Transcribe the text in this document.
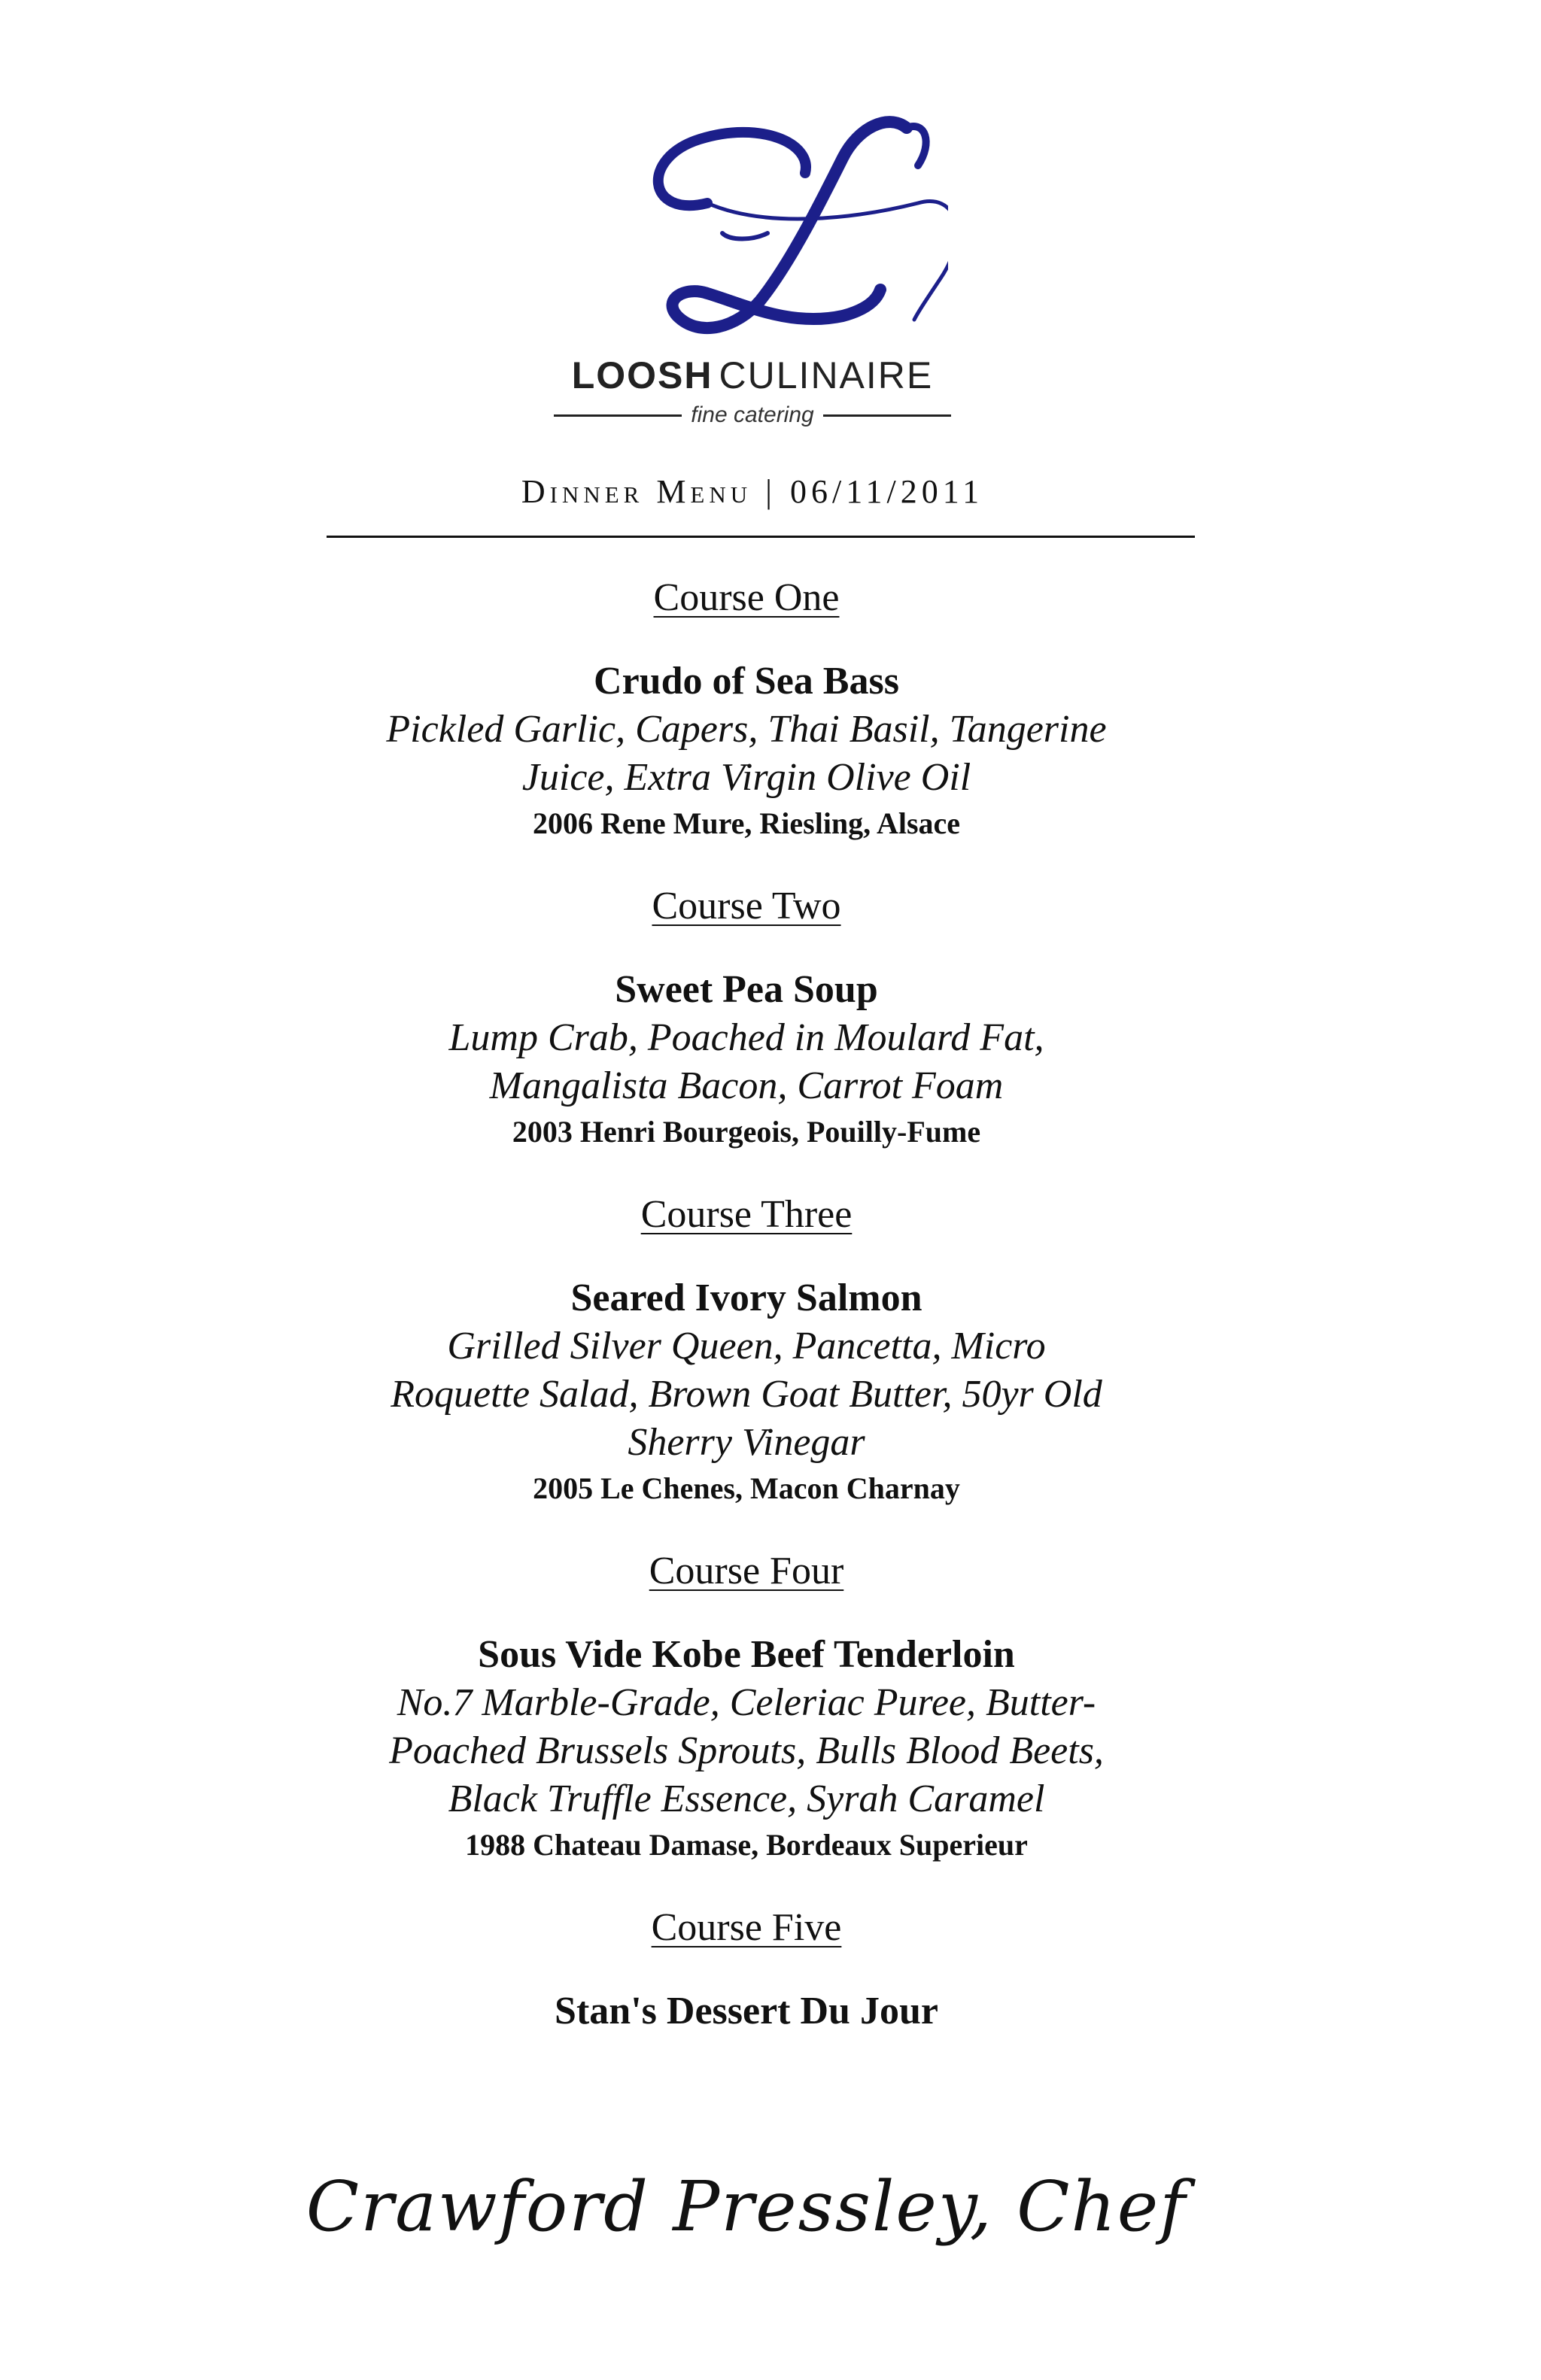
LOOSH CULINAIRE
fine catering
Dinner Menu | 06/11/2011
Course One
Crudo of Sea Bass
Pickled Garlic, Capers, Thai Basil, Tangerine
Juice, Extra Virgin Olive Oil
2006 Rene Mure, Riesling, Alsace
Course Two
Sweet Pea Soup
Lump Crab, Poached in Moulard Fat,
Mangalista Bacon, Carrot Foam
2003 Henri Bourgeois, Pouilly-Fume
Course Three
Seared Ivory Salmon
Grilled Silver Queen, Pancetta, Micro
Roquette Salad, Brown Goat Butter, 50yr Old
Sherry Vinegar
2005 Le Chenes, Macon Charnay
Course Four
Sous Vide Kobe Beef Tenderloin
No.7 Marble-Grade, Celeriac Puree, Butter-
Poached Brussels Sprouts, Bulls Blood Beets,
Black Truffle Essence, Syrah Caramel
1988 Chateau Damase, Bordeaux Superieur
Course Five
Stan's Dessert Du Jour
Crawford Pressley, Chef
